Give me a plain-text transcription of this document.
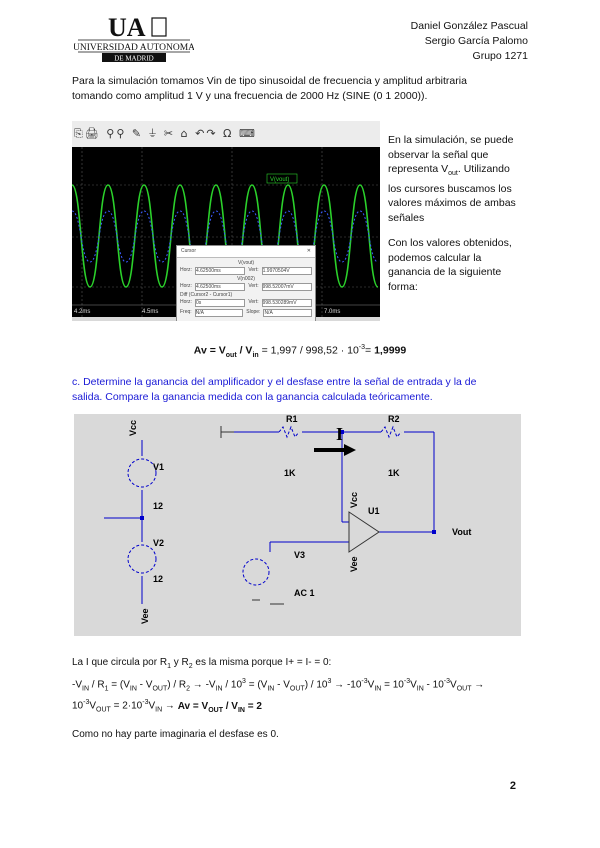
UA
UNIVERSIDAD AUTONOMA
DE MADRID
Daniel González Pascual
Sergio García Palomo
Grupo 1271
Para la simulación tomamos Vin de tipo sinusoidal de frecuencia y amplitud arbitraria
tomando como amplitud 1 V y una frecuencia de 2000 Hz (SINE (0 1 2000)).
⎘🖨 ⚲⚲ ✎ ⏚ ✂ ⌂ ↶↷ Ω ⌨
4.2ms	4.5ms	7.0ms
V(vout)
Cursor	✕
V(vout)
Horz: 4.62500ms	Vert: 1.9970504V
V(n002)
Horz: 4.62500ms	Vert: 998.52007mV
Diff (Cursor2 - Cursor1)
Horz: 0s	Vert: 998.530289mV
Freq: N/A	Slope: N/A
En la simulación, se puede
observar la señal que
representa $V_{out}$. Utilizando
los cursores buscamos los
valores máximos de ambas
señales
Con los valores obtenidos,
podemos calcular la
ganancia de la siguiente
forma:
$Av = V_{out} / V_{in} = 1,997 / 998,52 \cdot 10^{-3}= 1,9999$
c. Determine la ganancia del amplificador y el desfase entre la señal de entrada y la de
salida. Compare la ganancia medida con la ganancia calculada teóricamente.
Vcc
V1
12
V2
12
Vee
R1
1K
R2
1K
I
Vcc
U1
Vout
V3
Vee
AC 1
La I que circula por $R_1$ y $R_2$ es la misma porque I+ = I- = 0:
$-V_{IN} / R_1 = (V_{IN} - V_{OUT}) / R_2 \to -V_{IN} / 10^3 = (V_{IN} - V_{OUT}) / 10^3 \to -10^{-3}V_{IN} = 10^{-3}V_{IN} - 10^{-3}V_{OUT}$ →
$10^{-3}V_{OUT} = 2\cdot 10^{-3}V_{IN} \to Av = V_{OUT} / V_{IN} = 2$
Como no hay parte imaginaria el desfase es 0.
2
